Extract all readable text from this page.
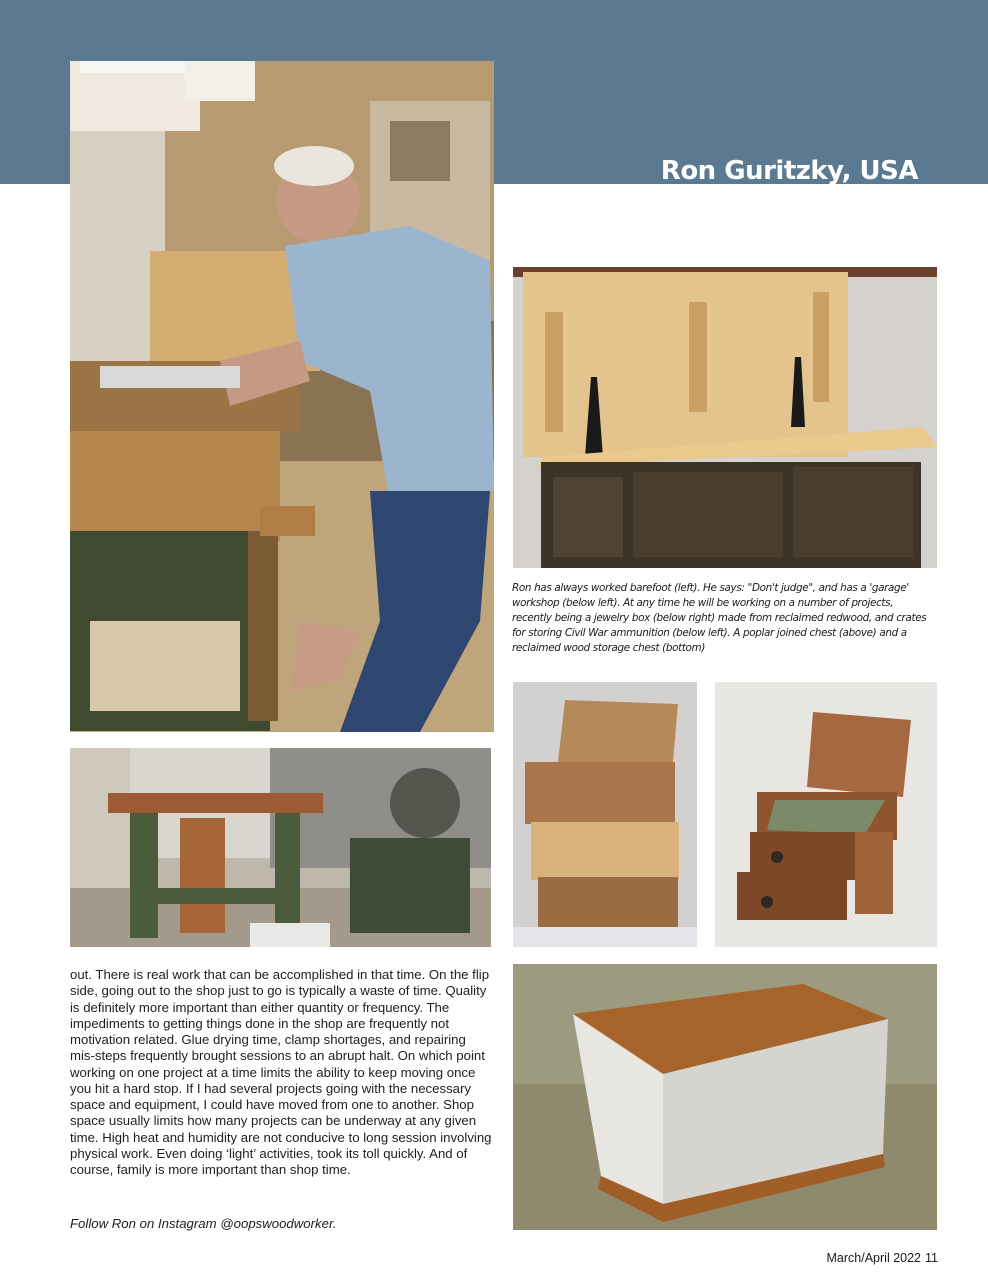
Ron Guritzky, USA

Ron has always worked barefoot (left). He says: "Don't judge", and has a 'garage' workshop (below left). At any time he will be working on a number of projects, recently being a jewelry box (below right) made from reclaimed redwood, and crates for storing Civil War ammunition (below left). A poplar joined chest (above) and a reclaimed wood storage chest (bottom)

out. There is real work that can be accomplished in that time. On the flip side, going out to the shop just to go is typically a waste of time. Quality is definitely more important than either quantity or frequency. The impediments to getting things done in the shop are frequently not motivation related. Glue drying time, clamp shortages, and repairing mis-steps frequently brought sessions to an abrupt halt. On which point working on one project at a time limits the ability to keep moving once you hit a hard stop. If I had several projects going with the necessary space and equipment, I could have moved from one to another. Shop space usually limits how many projects can be underway at any given time. High heat and humidity are not conducive to long session involving physical work. Even doing ‘light’ activities, took its toll quickly. And of course, family is more important than shop time.

Follow Ron on Instagram @oopswoodworker.

March/April 2022 11
